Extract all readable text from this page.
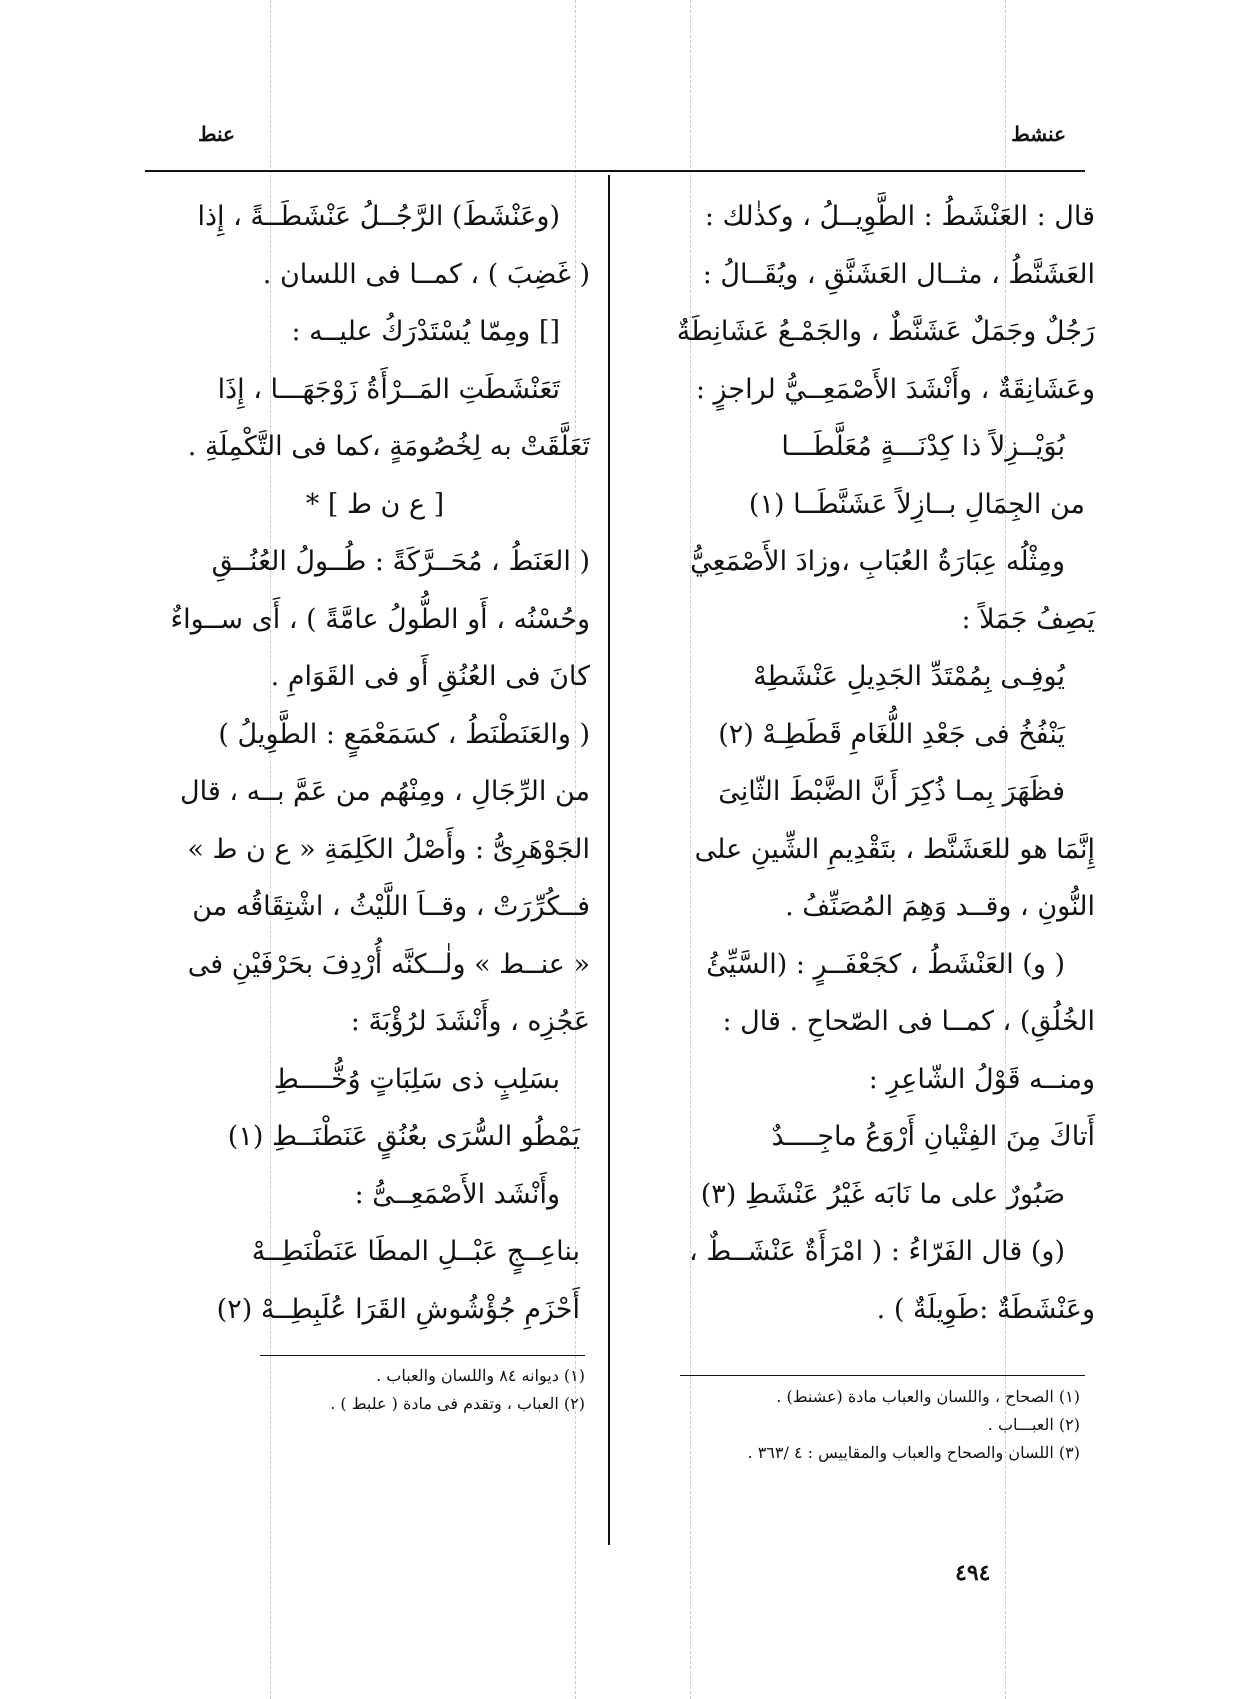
عنشط
عنط

قال : العَنْشَطُ : الطَّوِيــلُ ، وكذٰلك :

العَشَنَّطُ ، مثــال العَشَنَّقِ ، ويُقَــالُ :

رَجُلٌ وجَمَلٌ عَشَنَّطٌ ، والجَمْـعُ عَشَانِطَةٌ

وعَشَانِقَةٌ ، وأَنْشَدَ الأَصْمَعِــيُّ لراجزٍ :

بُوَيْــزِلاً ذا كِدْنَـــةٍ مُعَلَّطَـــا

من الجِمَالِ بــازِلاً عَشَنَّطَــا (١)

ومِثْلُه عِبَارَةُ العُبَابِ ،وزادَ الأَصْمَعِيُّ

يَصِفُ جَمَلاً :

يُوفِـى بِمُمْتَدِّ الجَدِيلِ عَنْشَطِهْ

يَنْفُخُ فى جَعْدِ اللُّغَامِ قَطَطِـهْ (٢)

فظَهَرَ بِمـا ذُكِرَ أَنَّ الضَّبْطَ الثّانِىَ

إِنَّمَا هو للعَشَنَّط ، بتَقْدِيمِ الشِّينِ على

النُّونِ ، وقــد وَهِمَ المُصَنِّفُ .

( و) العَنْشَطُ ، كجَعْفَــرٍ : (السَّيِّئُ

الخُلُقِ) ، كمــا فى الصّحاحِ . قال :

ومنــه قَوْلُ الشّاعِرِ :

أَتاكَ مِنَ الفِتْيانِ أَرْوَعُ ماجِــــدٌ

صَبُورٌ على ما نَابَه غَيْرُ عَنْشَطِ (٣)

(و) قال الفَرّاءُ : ( امْرَأَةٌ عَنْشَــطٌ ،

وعَنْشَطَةٌ :طَوِيلَةٌ ) .

(وعَنْشَطَ) الرَّجُــلُ عَنْشَطَــةً ، إِذا

( غَضِبَ ) ، كمــا فى اللسان .

[] ومِمّا يُسْتَدْرَكُ عليــه :

تَعَنْشَطَتِ المَــرْأَةُ زَوْجَهَـــا ، إِذَا

تَعَلَّقَتْ به لِخُصُومَةٍ ،كما فى التَّكْمِلَةِ .

[ ع ن ط ] *

( العَنَطُ ، مُحَــرَّكَةً : طُــولُ العُنُــقِ

وحُسْنُه ، أَو الطُّولُ عامَّةً ) ، أَى ســواءٌ

كانَ فى العُنُقِ أَو فى القَوَامِ .

( والعَنَطْنَطُ ، كسَمَعْمَعٍ : الطَّوِيلُ )

من الرِّجَالِ ، ومِنْهُم من عَمَّ بــه ، قال

الجَوْهَرِىُّ : وأَصْلُ الكَلِمَةِ « ع ن ط »

فــكُرِّرَتْ ، وقــاَ اللَّيْثُ ، اشْتِقَاقُه من

« عنــط » ولٰــكنَّه أُرْدِفَ بحَرْفَيْنِ فى

عَجُزِه ، وأَنْشَدَ لرُؤْبَةَ :

بسَلِبٍ ذى سَلِبَاتٍ وُخُّــــطِ

يَمْطُو السُّرَى بعُنُقٍ عَنَطْنَــطِ (١)

وأَنْشَد الأَصْمَعِــىُّ :

بناعِــجٍ عَبْــلِ المطَا عَنَطْنَطِــهْ

أَحْزَمِ جُؤْشُوشِ القَرَا عُلَبِطِــهْ (٢)

(١) الصحاح ، واللسان والعباب مادة (عشنط) .

(٢) العبـــاب .

(٣) اللسان والصحاح والعباب والمقاييس : ٤ /٣٦٣ .

(١) ديوانه ٨٤ واللسان والعباب .

(٢) العباب ، وتقدم فى مادة ( علبط ) .

٤٩٤
